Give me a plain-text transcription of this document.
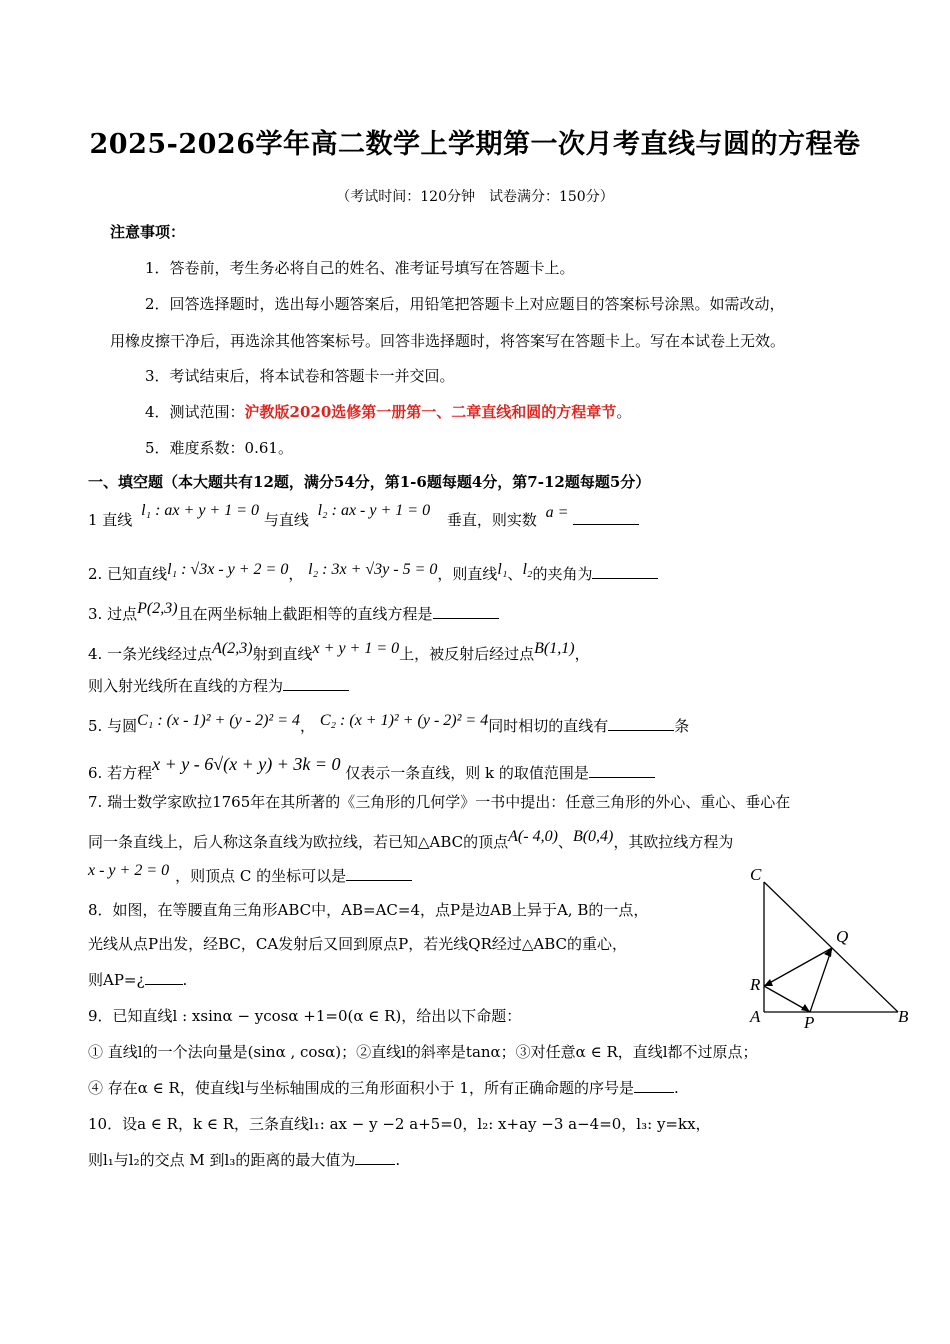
2025-2026学年高二数学上学期第一次月考直线与圆的方程卷
（考试时间：120分钟　试卷满分：150分）
注意事项：
1．答卷前，考生务必将自己的姓名、准考证号填写在答题卡上。
2．回答选择题时，选出每小题答案后，用铅笔把答题卡上对应题目的答案标号涂黑。如需改动，
用橡皮擦干净后，再选涂其他答案标号。回答非选择题时，将答案写在答题卡上。写在本试卷上无效。
3．考试结束后，将本试卷和答题卡一并交回。
4．测试范围：沪教版2020选修第一册第一、二章直线和圆的方程章节。
5．难度系数：0.61。
一、填空题（本大题共有12题，满分54分，第1-6题每题4分，第7-12题每题5分）
1 直线 l₁ : ax + y + 1 = 0 与直线 l₂ : ax - y + 1 = 0 垂直，则实数 a =
2. 已知直线l₁ : √3x - y + 2 = 0， l₂ : 3x + √3y - 5 = 0，则直线l₁、l₂的夹角为
3. 过点P(2,3)且在两坐标轴上截距相等的直线方程是
4. 一条光线经过点A(2,3)射到直线x + y + 1 = 0上，被反射后经过点B(1,1)，
则入射光线所在直线的方程为
5. 与圆C₁ : (x - 1)² + (y - 2)² = 4， C₂ : (x + 1)² + (y - 2)² = 4同时相切的直线有	条
6. 若方程x + y - 6√(x + y) + 3k = 0 仅表示一条直线，则 k 的取值范围是
7. 瑞士数学家欧拉1765年在其所著的《三角形的几何学》一书中提出：任意三角形的外心、重心、垂心在
同一条直线上，后人称这条直线为欧拉线，若已知△ABC的顶点A(- 4,0)、B(0,4)，其欧拉线方程为
x - y + 2 = 0 ，则顶点 C 的坐标可以是
8．如图，在等腰直角三角形ABC中，AB=AC=4，点P是边AB上异于A, B的一点，
光线从点P出发，经BC，CA发射后又回到原点P，若光线QR经过△ABC的重心，
则AP=¿	.
C
Q
R
A	P	B
9．已知直线l : xsinα − ycosα +1=0(α ∈ R)，给出以下命题：
① 直线l的一个法向量是(sinα , cosα)；②直线l的斜率是tanα；③对任意α ∈ R，直线l都不过原点；
④ 存在α ∈ R，使直线l与坐标轴围成的三角形面积小于 1，所有正确命题的序号是	.
10．设a ∈ R，k ∈ R，三条直线l₁: ax − y −2 a+5=0，l₂: x+ay −3 a−4=0，l₃: y=kx，
则l₁与l₂的交点 M 到l₃的距离的最大值为	.
